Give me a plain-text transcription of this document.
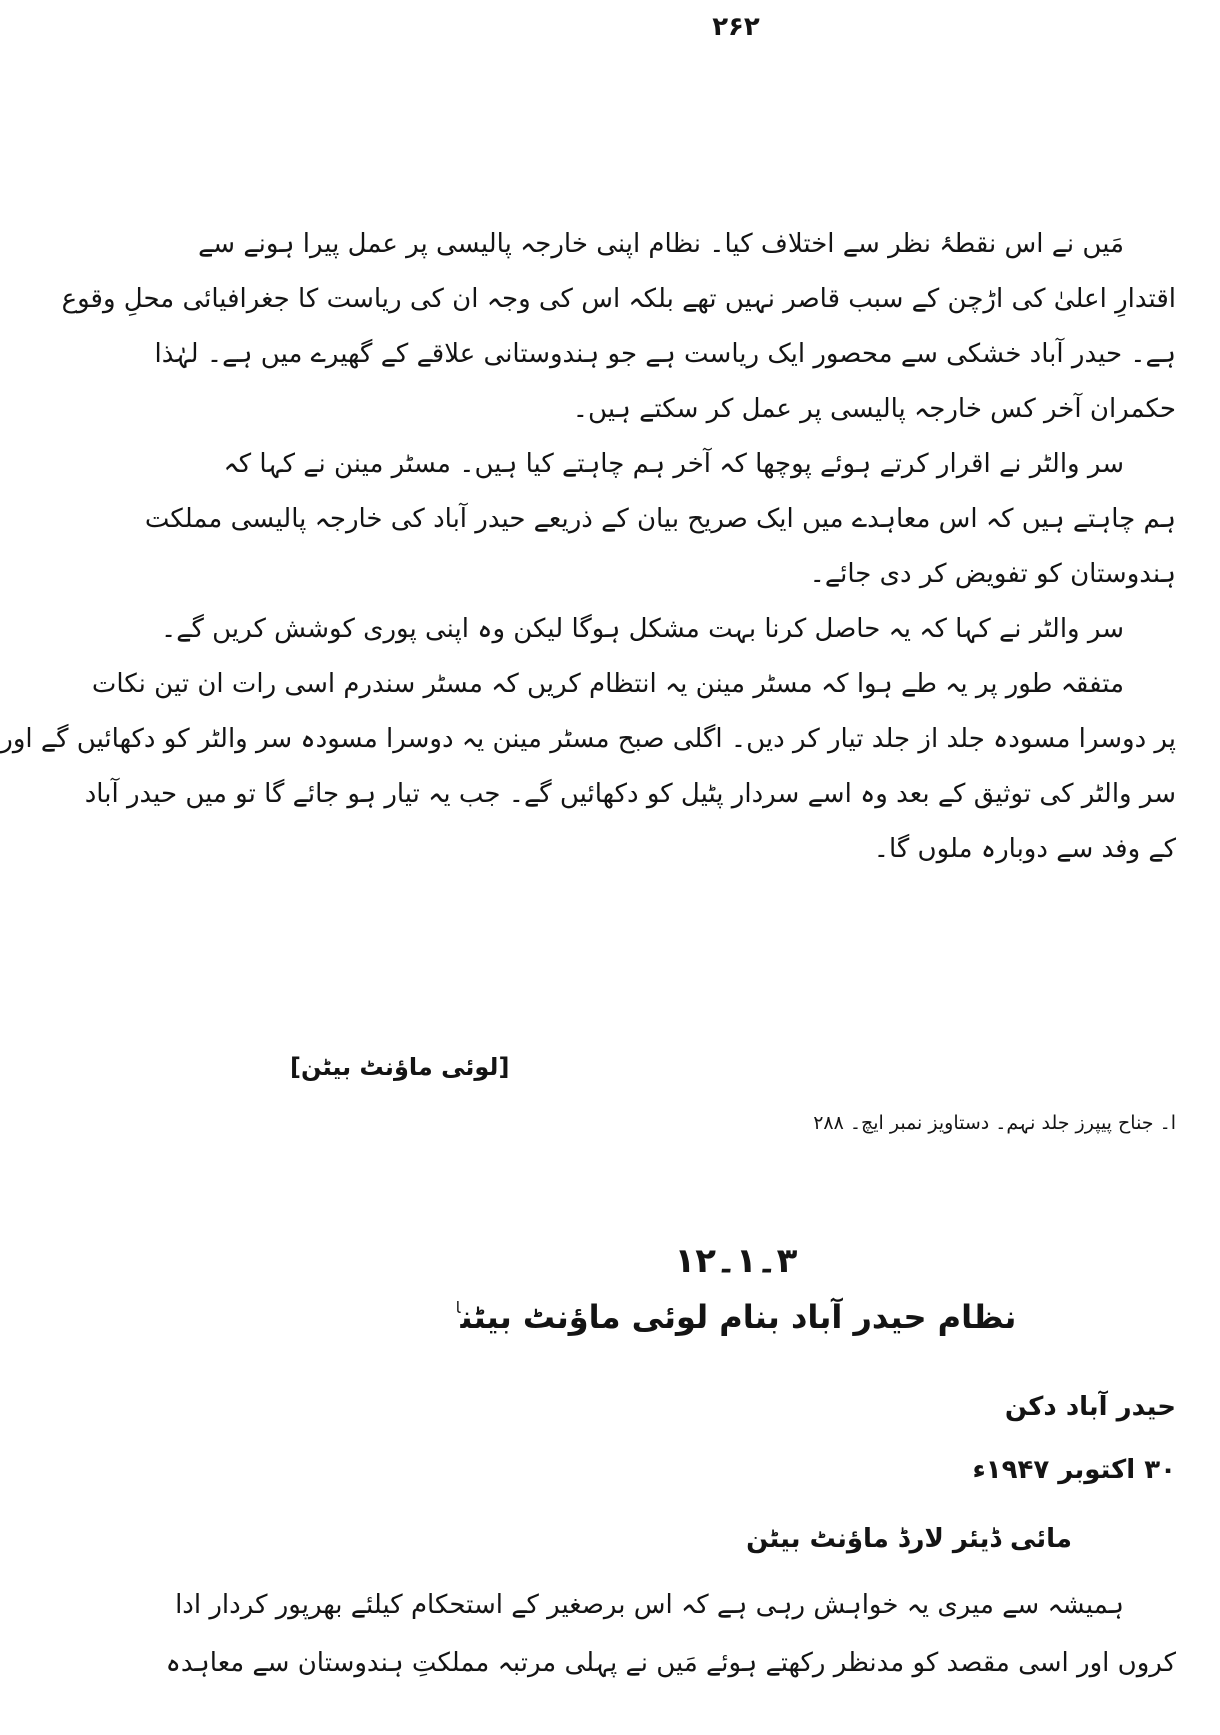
۲۶۲
مَیں نے اس نقطۂ نظر سے اختلاف کیا۔ نظام اپنی خارجہ پالیسی پر عمل پیرا ہونے سے
اقتدارِ اعلیٰ کی اڑچن کے سبب قاصر نہیں تھے بلکہ اس کی وجہ ان کی ریاست کا جغرافیائی محلِ وقوع
ہے۔ حیدر آباد خشکی سے محصور ایک ریاست ہے جو ہندوستانی علاقے کے گھیرے میں ہے۔ لہٰذا
حکمران آخر کس خارجہ پالیسی پر عمل کر سکتے ہیں۔
سر والٹر نے اقرار کرتے ہوئے پوچھا کہ آخر ہم چاہتے کیا ہیں۔ مسٹر مینن نے کہا کہ
ہم چاہتے ہیں کہ اس معاہدے میں ایک صریح بیان کے ذریعے حیدر آباد کی خارجہ پالیسی مملکت
ہندوستان کو تفویض کر دی جائے۔
سر والٹر نے کہا کہ یہ حاصل کرنا بہت مشکل ہوگا لیکن وہ اپنی پوری کوشش کریں گے۔
متفقہ طور پر یہ طے ہوا کہ مسٹر مینن یہ انتظام کریں کہ مسٹر سندرم اسی رات ان تین نکات
پر دوسرا مسودہ جلد از جلد تیار کر دیں۔ اگلی صبح مسٹر مینن یہ دوسرا مسودہ سر والٹر کو دکھائیں گے اور
سر والٹر کی توثیق کے بعد وہ اسے سردار پٹیل کو دکھائیں گے۔ جب یہ تیار ہو جائے گا تو میں حیدر آباد
کے وفد سے دوبارہ ملوں گا۔
[لوئی ماؤنٹ بیٹن]
ا۔ جناح پیپرز جلد نہم۔ دستاویز نمبر ایچ۔ ۲۸۸
۳۔۱۔۱۲
نظام حیدر آباد بنام لوئی ماؤنٹ بیٹن$^ا$
حیدر آباد دکن
۳۰ اکتوبر ۱۹۴۷ء
مائی ڈیئر لارڈ ماؤنٹ بیٹن
ہمیشہ سے میری یہ خواہش رہی ہے کہ اس برصغیر کے استحکام کیلئے بھرپور کردار ادا
کروں اور اسی مقصد کو مدنظر رکھتے ہوئے مَیں نے پہلی مرتبہ مملکتِ ہندوستان سے معاہدہ
